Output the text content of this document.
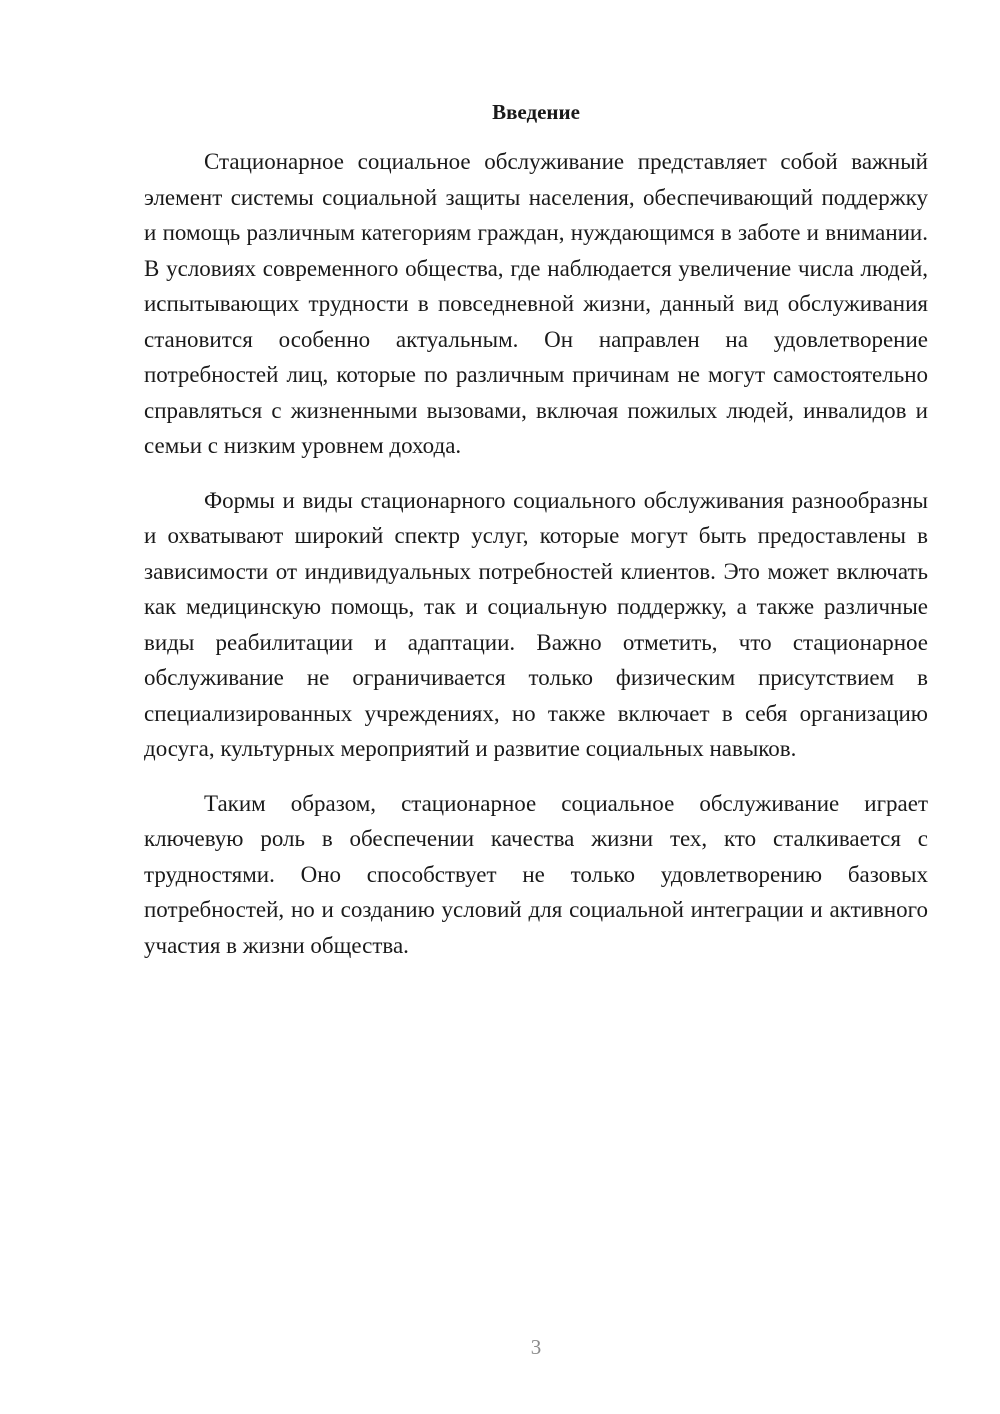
Введение

Стационарное социальное обслуживание представляет собой важный элемент системы социальной защиты населения, обеспечивающий поддержку и помощь различным категориям граждан, нуждающимся в заботе и внимании. В условиях современного общества, где наблюдается увеличение числа людей, испытывающих трудности в повседневной жизни, данный вид обслуживания становится особенно актуальным. Он направлен на удовлетворение потребностей лиц, которые по различным причинам не могут самостоятельно справляться с жизненными вызовами, включая пожилых людей, инвалидов и семьи с низким уровнем дохода.

Формы и виды стационарного социального обслуживания разнообразны и охватывают широкий спектр услуг, которые могут быть предоставлены в зависимости от индивидуальных потребностей клиентов. Это может включать как медицинскую помощь, так и социальную поддержку, а также различные виды реабилитации и адаптации. Важно отметить, что стационарное обслуживание не ограничивается только физическим присутствием в специализированных учреждениях, но также включает в себя организацию досуга, культурных мероприятий и развитие социальных навыков.

Таким образом, стационарное социальное обслуживание играет ключевую роль в обеспечении качества жизни тех, кто сталкивается с трудностями. Оно способствует не только удовлетворению базовых потребностей, но и созданию условий для социальной интеграции и активного участия в жизни общества.

3
